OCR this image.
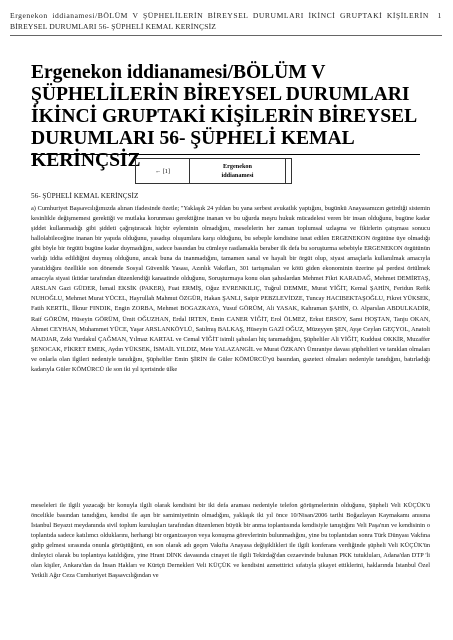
Ergenekon iddianamesi/BÖLÜM V ŞÜPHELİLERİN BİREYSEL DURUMLARI İKİNCİ GRUPTAKİ KİŞİLERİN 1
BİREYSEL DURUMLARI 56- ŞÜPHELİ KEMAL KERİNÇSİZ
Ergenekon iddianamesi/BÖLÜM V
ŞÜPHELİLERİN BİREYSEL DURUMLARI
İKİNCİ GRUPTAKİ KİŞİLERİN BİREYSEL
DURUMLARI 56- ŞÜPHELİ KEMAL
KERİNÇSİZ	← [1]
Ergenekon
iddianamesi
56- ŞÜPHELİ KEMAL KERİNÇSİZ

a) Cumhuriyet Başsavcılığımızda alınan ifadesinde özetle; "Yaklaşık 24 yıldan bu yana serbest avukatlık yaptığını, bugünkü Anayasamızın getirdiği sistemin kesinlikle değişmemesi gerektiği ve mutlaka korunması gerektiğine inanan ve bu uğurda meşru hukuk mücadelesi veren bir insan olduğunu, bugüne kadar şiddet kullanmadığı gibi şiddeti çağrıştıracak hiçbir eyleminin olmadığını, meselelerin her zaman toplumsal uzlaşma ve fikirlerin çatışması sonucu hallolabileceğine inanan bir yapıda olduğunu, yasadışı oluşumlara karşı olduğunu, bu sebeple kendisine isnat edilen ERGENEKON örgütüne üye olmadığı gibi böyle bir örgütü bugüne kadar duymadığını, sadece basından bu cümleye rastlamakla beraber ilk defa bu soruşturma sebebiyle ERGENEKON örgütünün varlığı iddia edildiğini duymuş olduğunu, ancak buna da inanmadığını, tamamen sanal ve hayali bir örgüt olup, siyasi amaçlarla kullanılmak amacıyla yaratıldığını özellikle son dönemde Sosyal Güvenlik Yasası, Azınlık Vakıfları, 301 tartışmaları ve kötü giden ekonominin üzerine şal perdesi örtülmek amacıyla siyasi iktidar tarafından düzenlendiği kanaatinde olduğunu, Soruşturmaya konu olan şahıslardan Mehmet Fikri KARADAĞ, Mehmet DEMİRTAŞ, ARSLAN Gazi GÜDER, İsmail EKSİK (PAKER), Fuat ERMİŞ, Oğuz EVRENKILIÇ, Tuğrul DEMME, Murat YİĞİT, Kemal ŞAHİN, Feridun Refik NUHOĞLU, Mehmet Murat YÜCEL, Hayrullah Mahmut ÖZGÜR, Hakan ŞANLI, Saipir PEBZLEVİDZE, Tuncay HACIBEKTAŞOĞLU, Fikret YÜKSEK, Fatih KERTİL, İlknur FINDIK, Engin ZORBA, Mehmet BOGAZKAYA, Yusuf GÖRÜM, Ali YASAK, Kahraman ŞAHİN, O. Alparslan ABDULKADİR, Raif GÖRÜM, Hüseyin GÖRÜM, Ümit OĞUZHAN, Erdal IRTEN, Emin CANER YİĞİT, Erol ÖLMEZ, Erkut ERSOY, Sami HOŞTAN, Tanju OKAN, Ahmet CEYHAN, Muhammet YÜCE, Yaşar ARSLANKÖYLÜ, Satılmış BALKAŞ, Hüseyin GAZİ OĞUZ, Müzeyyen ŞEN, Ayşe Ceylan GEÇYOL, Anatoli MADJAR, Zeki Yurdakul ÇAĞMAN, Yılmaz KARTAL ve Cemal YİĞİT isimli şahısları hiç tanımadığını, Şüpheliler Ali YİĞİT, Kuddusi OKKİR, Muzaffer ŞENOCAK, FİKRET EMEK, Aydın YÜKSEK, İSMAİL YILDIZ, Mete YALAZANGİL ve Murat ÖZKAN'ı Ümraniye davası şüphelileri ve tanıklan olmaları ve onlarla olan ilgileri nedeniyle tanıdığını, Şüpheliler Emin ŞİRİN ile Güler KÖMÜRCÜ'yü basından, gazeteci olmaları nedeniyle tanıdığını, batırladığı kadarıyla Güler KÖMÜRCÜ ile son iki yıl içerisinde ülke

meseleleri ile ilgili yazacağı bir konuyla ilgili olarak kendisini bir iki defa araması nedeniyle telefon görüşmelerinin olduğunu, Şüpheli Veli KÜÇÜK'ü öncelikle basından tanıdığını, kendisi ile aşın bir samimiyetinin olmadığını, yaklaşık iki yıl önce 10/Nisan/2006 tarihi Boğazlayan Kaymakamı anısına İstanbul Beyazıt meydanında sivil toplum kuruluşları tarafından düzenlenen büyük bir anma toplantısında kendisiyle tanıştığını Veli Paşa'nın ve kendisinin o toplantıda sadece katılımcı olduklarını, herhangi bir organizasyon veya konuşma görevlerinin bulunmadığını, yine bu toplantıdan sonra Türk Dünyası Vakfına gidip gelmesi sırasında onunla görüştüğünü, en son olarak adı geçen Vakıfta Anayasa değişiklikleri ile ilgili konferans verdiğinde şüpheli Veli KÜÇÜK'ün dinleyici olarak bu toplantıya katıldığını, yine Hrant DİNK davasında cinayet ile ilgili Tekirdağ'dan cezaevinde bulunan PKK tutukluları, Adana'dan DTP 'li olan kişiler, Ankara'dan da İnsan Hakları ve Kürtçü Dernekleri Veli KÜÇÜK ve kendisini azmettirici sıfatıyla şikayet ettiklerini, haklarında İstanbul Özel Yetkili Ağır Ceza Cumhuriyet Başsavcılığından ve
